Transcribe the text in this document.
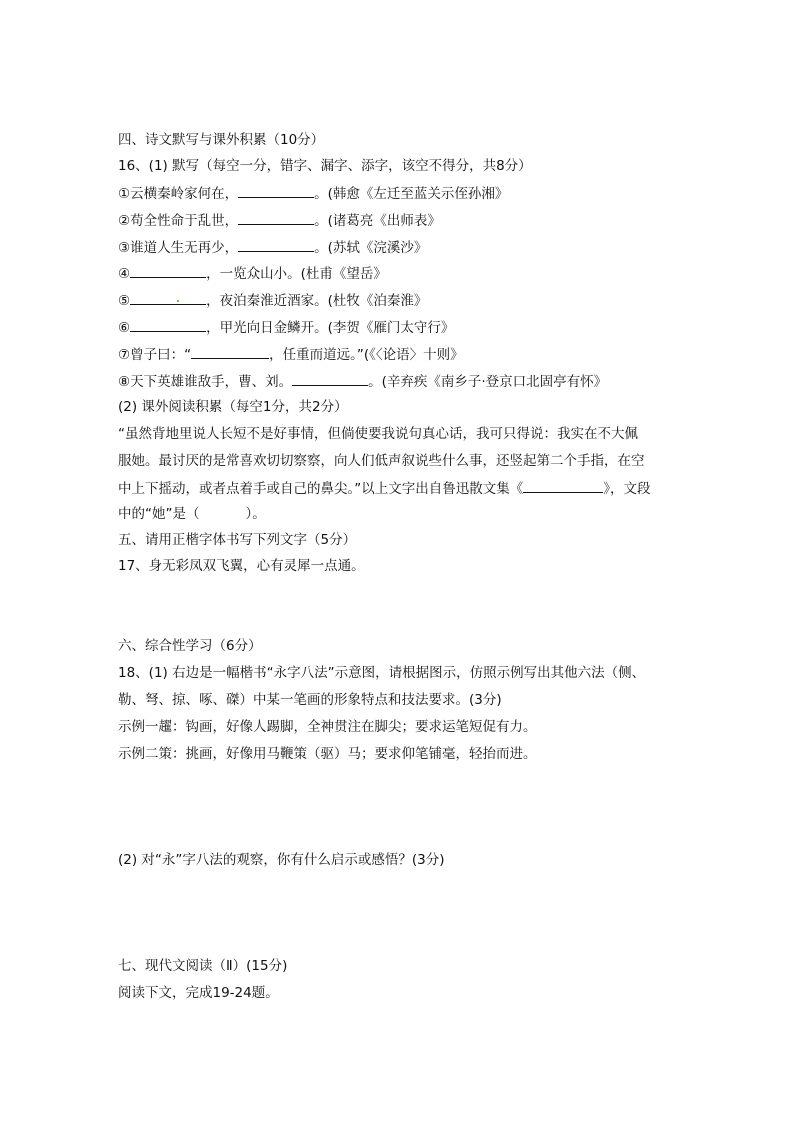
四、诗文默写与课外积累（10分）
16、(1) 默写（每空一分，错字、漏字、添字，该空不得分，共8分）
①云横秦岭家何在，	。(韩愈《左迁至蓝关示侄孙湘》
②苟全性命于乱世，	。(诸葛亮《出师表》
③谁道人生无再少，	。(苏轼《浣溪沙》
④	，一览众山小。(杜甫《望岳》
⑤	，夜泊秦淮近酒家。(杜牧《泊秦淮》
⑥	，甲光向日金鳞开。(李贺《雁门太守行》
⑦曾子曰：“	，任重而道远。”(《〈论语〉十则》
⑧天下英雄谁敌手，曹、刘。	。(辛弃疾《南乡子·登京口北固亭有怀》
(2) 课外阅读积累（每空1分，共2分）
“虽然背地里说人长短不是好事情，但倘使要我说句真心话，我可只得说：我实在不大佩
服她。最讨厌的是常喜欢切切察察，向人们低声叙说些什么事，还竖起第二个手指，在空
中上下摇动，或者点着手或自己的鼻尖。”以上文字出自鲁迅散文集《	》，文段
中的“她”是（	）。
五、请用正楷字体书写下列文字（5分）
17、身无彩凤双飞翼，心有灵犀一点通。
六、综合性学习（6分）
18、(1) 右边是一幅楷书“永字八法”示意图，请根据图示，仿照示例写出其他六法（侧、
勒、弩、掠、啄、磔）中某一笔画的形象特点和技法要求。(3分)
示例一趯：钩画，好像人踢脚，全神贯注在脚尖；要求运笔短促有力。
示例二策：挑画，好像用马鞭策（驱）马；要求仰笔铺毫，轻抬而进。
(2) 对“永”字八法的观察，你有什么启示或感悟？(3分)
七、现代文阅读（Ⅱ）(15分)
阅读下文，完成19-24题。
